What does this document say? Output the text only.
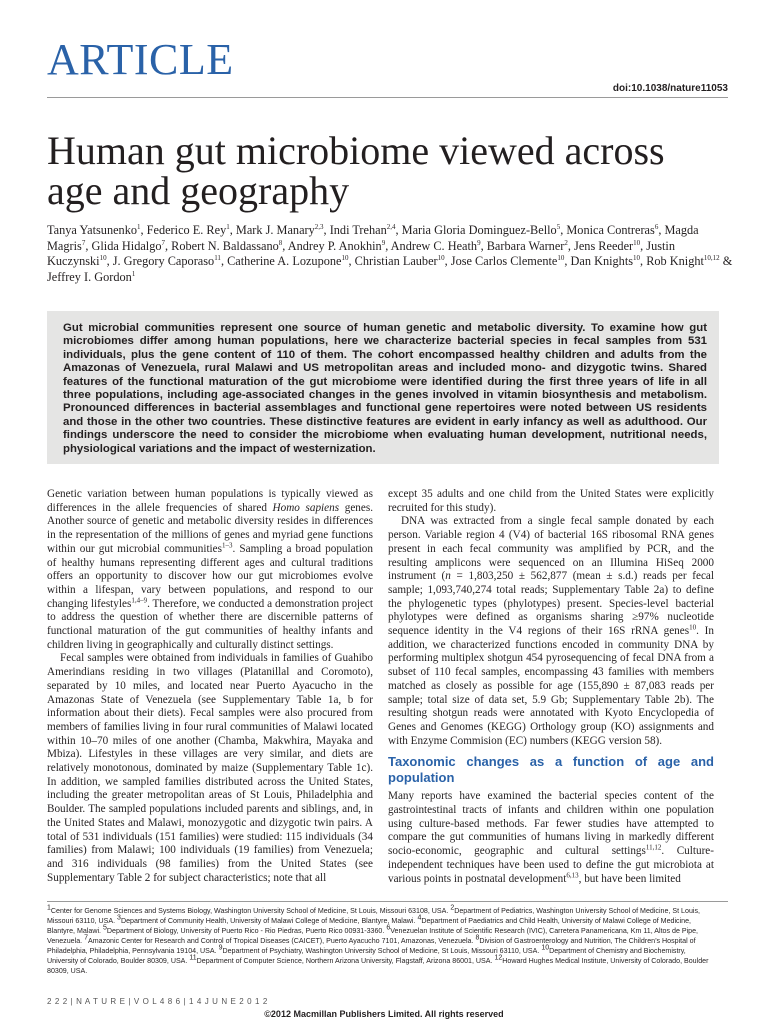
ARTICLE
doi:10.1038/nature11053
Human gut microbiome viewed across age and geography
Tanya Yatsunenko$^1$, Federico E. Rey$^1$, Mark J. Manary$^{2,3}$, Indi Trehan$^{2,4}$, Maria Gloria Dominguez-Bello$^5$, Monica Contreras$^6$, Magda Magris$^7$, Glida Hidalgo$^7$, Robert N. Baldassano$^8$, Andrey P. Anokhin$^9$, Andrew C. Heath$^9$, Barbara Warner$^2$, Jens Reeder$^{10}$, Justin Kuczynski$^{10}$, J. Gregory Caporaso$^{11}$, Catherine A. Lozupone$^{10}$, Christian Lauber$^{10}$, Jose Carlos Clemente$^{10}$, Dan Knights$^{10}$, Rob Knight$^{10,12}$ & Jeffrey I. Gordon$^1$
Gut microbial communities represent one source of human genetic and metabolic diversity. To examine how gut microbiomes differ among human populations, here we characterize bacterial species in fecal samples from 531 individuals, plus the gene content of 110 of them. The cohort encompassed healthy children and adults from the Amazonas of Venezuela, rural Malawi and US metropolitan areas and included mono- and dizygotic twins. Shared features of the functional maturation of the gut microbiome were identified during the first three years of life in all three populations, including age-associated changes in the genes involved in vitamin biosynthesis and metabolism. Pronounced differences in bacterial assemblages and functional gene repertoires were noted between US residents and those in the other two countries. These distinctive features are evident in early infancy as well as adulthood. Our findings underscore the need to consider the microbiome when evaluating human development, nutritional needs, physiological variations and the impact of westernization.

Genetic variation between human populations is typically viewed as differences in the allele frequencies of shared Homo sapiens genes. Another source of genetic and metabolic diversity resides in differences in the representation of the millions of genes and myriad gene functions within our gut microbial communities$^{1-3}$. Sampling a broad population of healthy humans representing different ages and cultural traditions offers an opportunity to discover how our gut microbiomes evolve within a lifespan, vary between populations, and respond to our changing lifestyles$^{1,4-9}$. Therefore, we conducted a demonstration project to address the question of whether there are discernible patterns of functional maturation of the gut communities of healthy infants and children living in geographically and culturally distinct settings.

Fecal samples were obtained from individuals in families of Guahibo Amerindians residing in two villages (Platanillal and Coromoto), separated by 10 miles, and located near Puerto Ayacucho in the Amazonas State of Venezuela (see Supplementary Table 1a, b for information about their diets). Fecal samples were also procured from members of families living in four rural communities of Malawi located within 10–70 miles of one another (Chamba, Makwhira, Mayaka and Mbiza). Lifestyles in these villages are very similar, and diets are relatively monotonous, dominated by maize (Supplementary Table 1c). In addition, we sampled families distributed across the United States, including the greater metropolitan areas of St Louis, Philadelphia and Boulder. The sampled populations included parents and siblings, and, in the United States and Malawi, monozygotic and dizygotic twin pairs. A total of 531 individuals (151 families) were studied: 115 individuals (34 families) from Malawi; 100 individuals (19 families) from Venezuela; and 316 individuals (98 families) from the United States (see Supplementary Table 2 for subject characteristics; note that all

except 35 adults and one child from the United States were explicitly recruited for this study).

DNA was extracted from a single fecal sample donated by each person. Variable region 4 (V4) of bacterial 16S ribosomal RNA genes present in each fecal community was amplified by PCR, and the resulting amplicons were sequenced on an Illumina HiSeq 2000 instrument (n = 1,803,250 ± 562,877 (mean ± s.d.) reads per fecal sample; 1,093,740,274 total reads; Supplementary Table 2a) to define the phylogenetic types (phylotypes) present. Species-level bacterial phylotypes were defined as organisms sharing ≥97% nucleotide sequence identity in the V4 regions of their 16S rRNA genes$^{10}$. In addition, we characterized functions encoded in community DNA by performing multiplex shotgun 454 pyrosequencing of fecal DNA from a subset of 110 fecal samples, encompassing 43 families with members matched as closely as possible for age (155,890 ± 87,083 reads per sample; total size of data set, 5.9 Gb; Supplementary Table 2b). The resulting shotgun reads were annotated with Kyoto Encyclopedia of Genes and Genomes (KEGG) Orthology group (KO) assignments and with Enzyme Commision (EC) numbers (KEGG version 58).

Taxonomic changes as a function of age and population

Many reports have examined the bacterial species content of the gastrointestinal tracts of infants and children within one population using culture-based methods. Far fewer studies have attempted to compare the gut communities of humans living in markedly different socio-economic, geographic and cultural settings$^{11,12}$. Culture-independent techniques have been used to define the gut microbiota at various points in postnatal development$^{6,13}$, but have been limited

$^1$Center for Genome Sciences and Systems Biology, Washington University School of Medicine, St Louis, Missouri 63108, USA. $^2$Department of Pediatrics, Washington University School of Medicine, St Louis, Missouri 63110, USA. $^3$Department of Community Health, University of Malawi College of Medicine, Blantyre, Malawi. $^4$Department of Paediatrics and Child Health, University of Malawi College of Medicine, Blantyre, Malawi. $^5$Department of Biology, University of Puerto Rico - Rio Piedras, Puerto Rico 00931-3360. $^6$Venezuelan Institute of Scientific Research (IVIC), Carretera Panamericana, Km 11, Altos de Pipe, Venezuela. $^7$Amazonic Center for Research and Control of Tropical Diseases (CAICET), Puerto Ayacucho 7101, Amazonas, Venezuela. $^8$Division of Gastroenterology and Nutrition, The Children’s Hospital of Philadelphia, Philadelphia, Pennsylvania 19104, USA. $^9$Department of Psychiatry, Washington University School of Medicine, St Louis, Missouri 63110, USA. $^{10}$Department of Chemistry and Biochemistry, University of Colorado, Boulder 80309, USA. $^{11}$Department of Computer Science, Northern Arizona University, Flagstaff, Arizona 86001, USA. $^{12}$Howard Hughes Medical Institute, University of Colorado, Boulder 80309, USA.
2 2 2 | N A T U R E | V O L 4 8 6 | 1 4 J U N E 2 0 1 2
©2012 Macmillan Publishers Limited. All rights reserved
